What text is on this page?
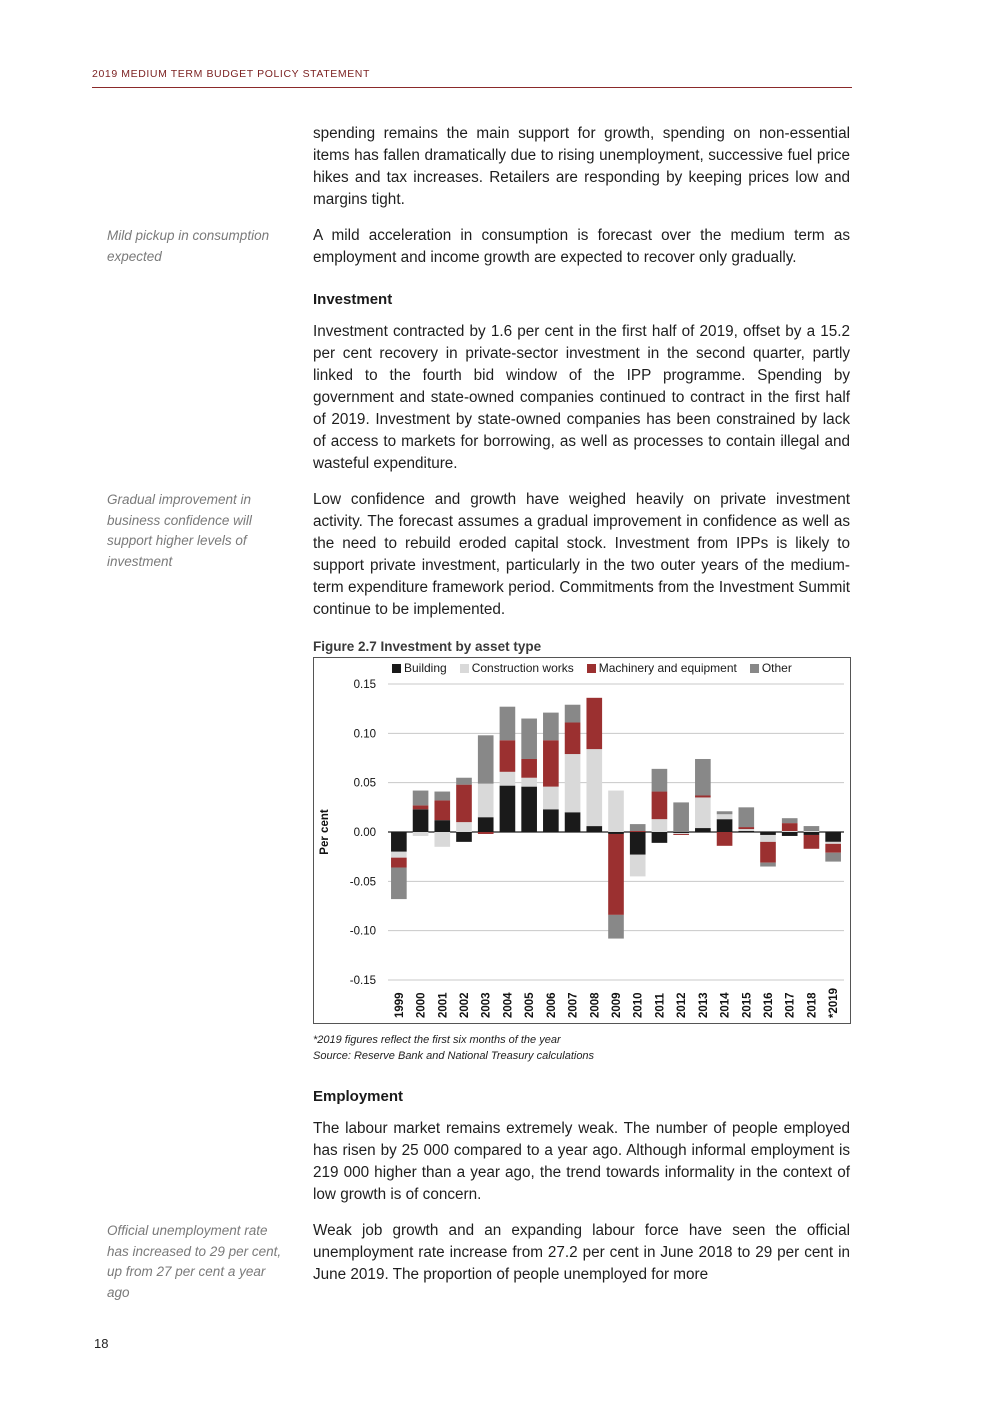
2019 MEDIUM TERM BUDGET POLICY STATEMENT
spending remains the main support for growth, spending on non-essential items has fallen dramatically due to rising unemployment, successive fuel price hikes and tax increases. Retailers are responding by keeping prices low and margins tight.
Mild pickup in consumption expected
A mild acceleration in consumption is forecast over the medium term as employment and income growth are expected to recover only gradually.
Investment
Investment contracted by 1.6 per cent in the first half of 2019, offset by a 15.2 per cent recovery in private-sector investment in the second quarter, partly linked to the fourth bid window of the IPP programme. Spending by government and state-owned companies continued to contract in the first half of 2019. Investment by state-owned companies has been constrained by lack of access to markets for borrowing, as well as processes to contain illegal and wasteful expenditure.
Gradual improvement in business confidence will support higher levels of investment
Low confidence and growth have weighed heavily on private investment activity. The forecast assumes a gradual improvement in confidence as well as the need to rebuild eroded capital stock. Investment from IPPs is likely to support private investment, particularly in the two outer years of the medium-term expenditure framework period. Commitments from the Investment Summit continue to be implemented.
Figure 2.7 Investment by asset type
Building Construction works Machinery and equipment Other
0.15
0.10
0.05
0.00
-0.05
-0.10
-0.15
Per cent
1999 2000 2001 2002 2003 2004 2005 2006 2007 2008 2009 2010 2011 2012 2013 2014 2015 2016 2017 2018 *2019
*2019 figures reflect the first six months of the year
Source: Reserve Bank and National Treasury calculations
Employment
The labour market remains extremely weak. The number of people employed has risen by 25 000 compared to a year ago. Although informal employment is 219 000 higher than a year ago, the trend towards informality in the context of low growth is of concern.
Official unemployment rate has increased to 29 per cent, up from 27 per cent a year ago
Weak job growth and an expanding labour force have seen the official unemployment rate increase from 27.2 per cent in June 2018 to 29 per cent in June 2019. The proportion of people unemployed for more
18
